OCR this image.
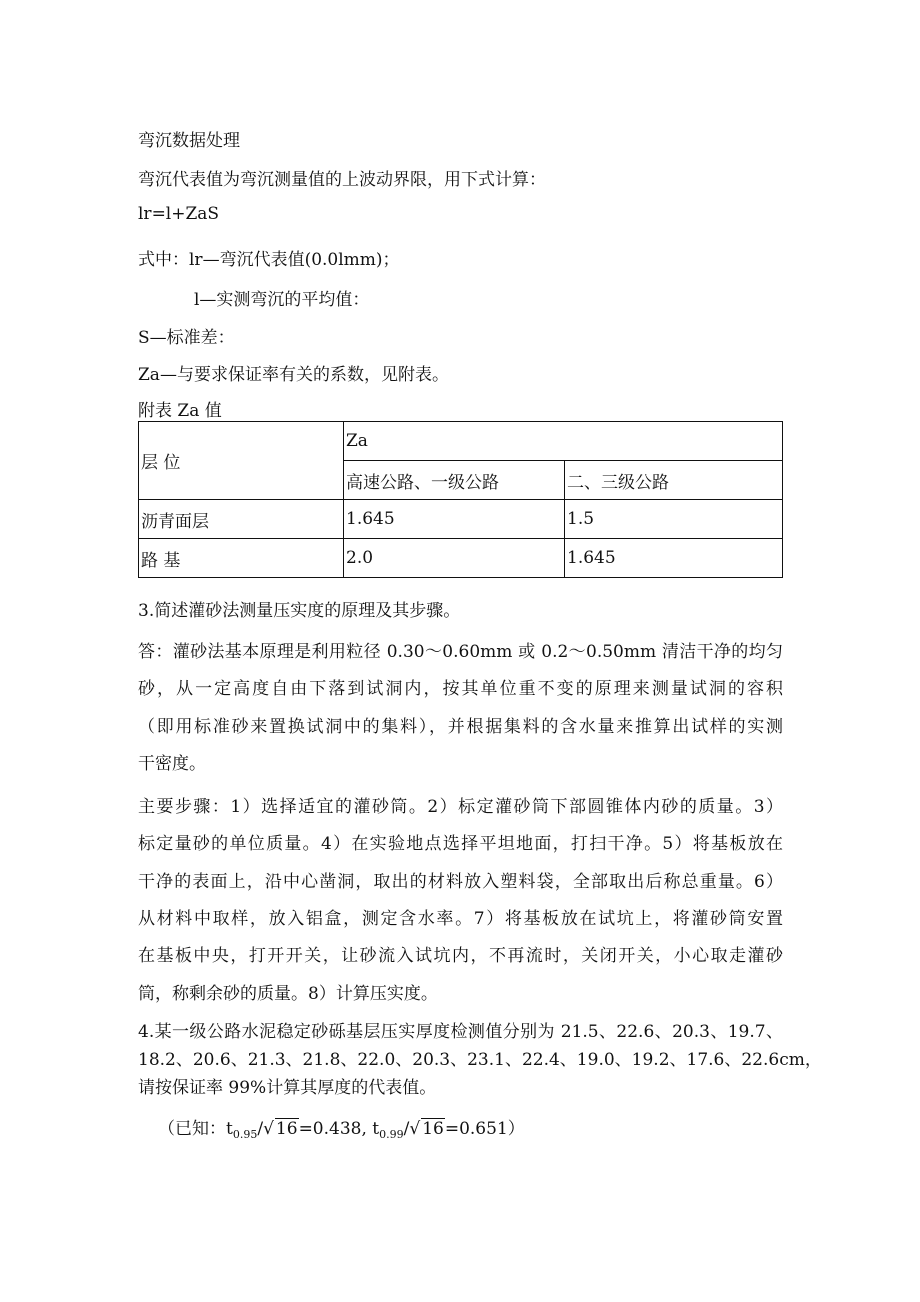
弯沉数据处理
弯沉代表值为弯沉测量值的上波动界限，用下式计算：
lr=l+ZaS
式中：lr—弯沉代表值(0.0lmm)；
l—实测弯沉的平均值：
S—标准差：
Za—与要求保证率有关的系数，见附表。
附表 Za 值
层 位	Za	
	高速公路、一级公路	二、三级公路
沥青面层	1.645	1.5
路 基	2.0	1.645
3.简述灌砂法测量压实度的原理及其步骤。
答：灌砂法基本原理是利用粒径 0.30～0.60mm 或 0.2～0.50mm 清洁干净的均匀
砂，从一定高度自由下落到试洞内，按其单位重不变的原理来测量试洞的容积
（即用标准砂来置换试洞中的集料），并根据集料的含水量来推算出试样的实测
干密度。
主要步骤：1）选择适宜的灌砂筒。2）标定灌砂筒下部圆锥体内砂的质量。3）
标定量砂的单位质量。4）在实验地点选择平坦地面，打扫干净。5）将基板放在
干净的表面上，沿中心凿洞，取出的材料放入塑料袋，全部取出后称总重量。6）
从材料中取样，放入铝盒，测定含水率。7）将基板放在试坑上，将灌砂筒安置
在基板中央，打开开关，让砂流入试坑内，不再流时，关闭开关，小心取走灌砂
筒，称剩余砂的质量。8）计算压实度。
4.某一级公路水泥稳定砂砾基层压实厚度检测值分别为 21.5、22.6、20.3、19.7、
18.2、20.6、21.3、21.8、22.0、20.3、23.1、22.4、19.0、19.2、17.6、22.6cm，
请按保证率 99%计算其厚度的代表值。
（已知：$t_{0.95}/√$ 16=0.438, $t_{0.99}/√$ 16=0.651）
